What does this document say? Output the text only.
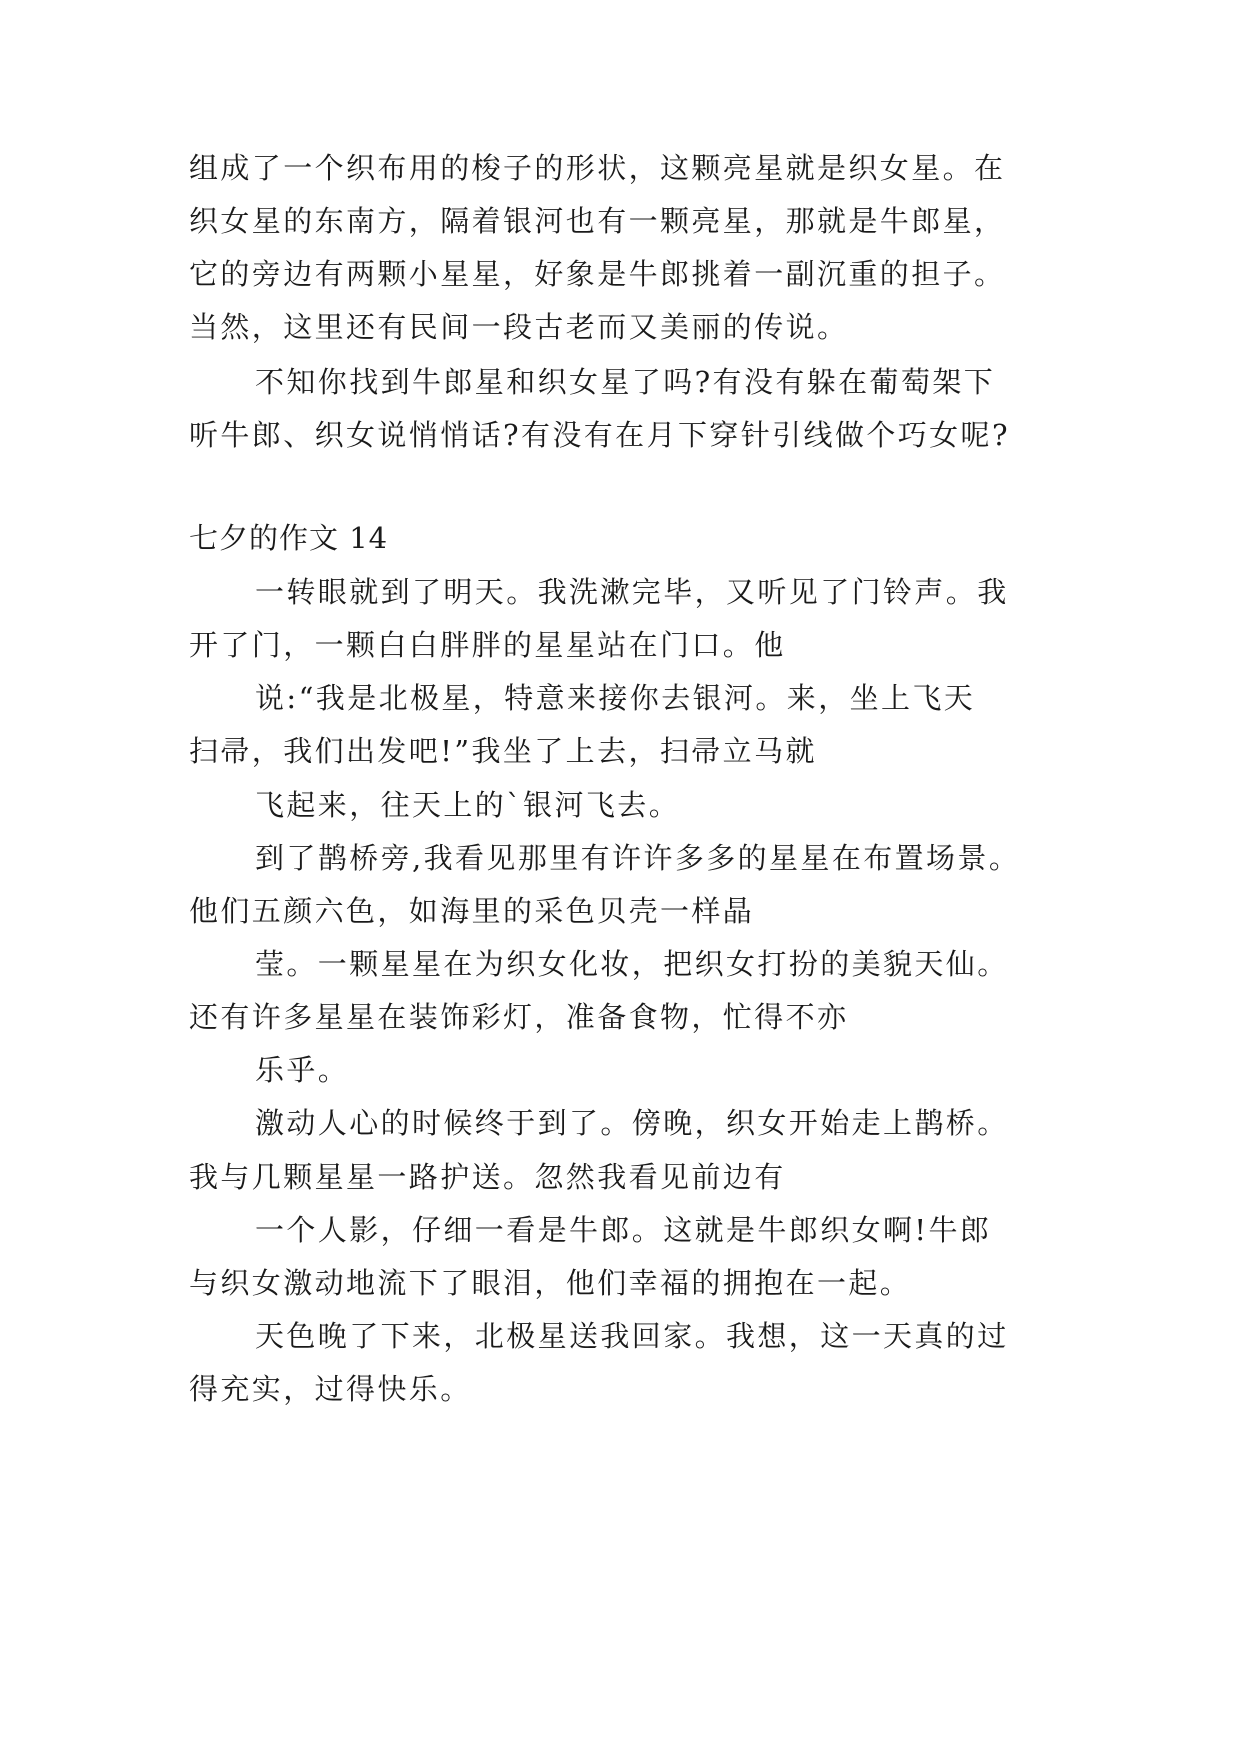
组成了一个织布用的梭子的形状，这颗亮星就是织女星。在
织女星的东南方，隔着银河也有一颗亮星，那就是牛郎星，
它的旁边有两颗小星星，好象是牛郎挑着一副沉重的担子。
当然，这里还有民间一段古老而又美丽的传说。
不知你找到牛郎星和织女星了吗?有没有躲在葡萄架下
听牛郎、织女说悄悄话?有没有在月下穿针引线做个巧女呢?
七夕的作文 14
一转眼就到了明天。我洗漱完毕，又听见了门铃声。我
开了门，一颗白白胖胖的星星站在门口。他
说:“我是北极星，特意来接你去银河。来，坐上飞天
扫帚，我们出发吧!”我坐了上去，扫帚立马就
飞起来，往天上的`银河飞去。
到了鹊桥旁,我看见那里有许许多多的星星在布置场景。
他们五颜六色，如海里的采色贝壳一样晶
莹。一颗星星在为织女化妆，把织女打扮的美貌天仙。
还有许多星星在装饰彩灯，准备食物，忙得不亦
乐乎。
激动人心的时候终于到了。傍晚，织女开始走上鹊桥。
我与几颗星星一路护送。忽然我看见前边有
一个人影，仔细一看是牛郎。这就是牛郎织女啊!牛郎
与织女激动地流下了眼泪，他们幸福的拥抱在一起。
天色晚了下来，北极星送我回家。我想，这一天真的过
得充实，过得快乐。
